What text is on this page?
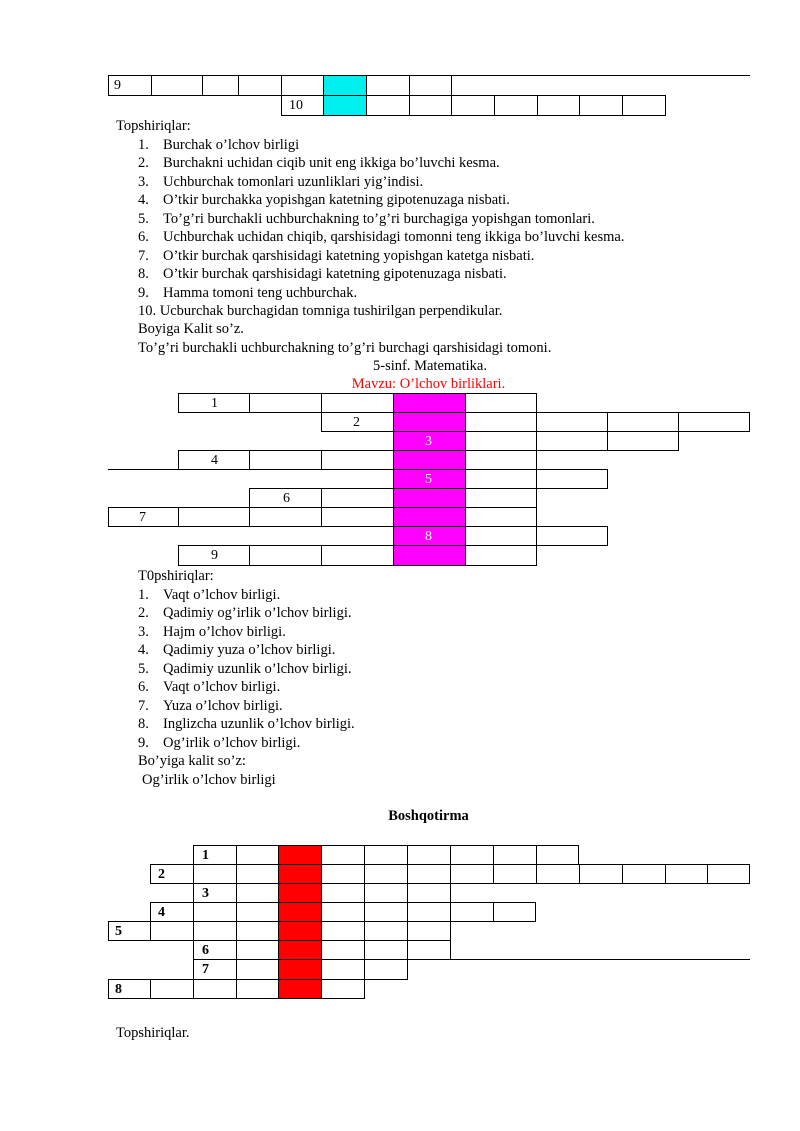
9
10
Topshiriqlar:
1. Burchak o’lchov birligi
2. Burchakni uchidan ciqib unit eng ikkiga bo’luvchi kesma.
3. Uchburchak tomonlari uzunliklari yig’indisi.
4. O’tkir burchakka yopishgan katetning gipotenuzaga nisbati.
5. To’g’ri burchakli uchburchakning to’g’ri burchagiga yopishgan tomonlari.
6. Uchburchak uchidan chiqib, qarshisidagi tomonni teng ikkiga bo’luvchi kesma.
7. O’tkir burchak qarshisidagi katetning yopishgan katetga nisbati.
8. O’tkir burchak qarshisidagi katetning gipotenuzaga nisbati.
9. Hamma tomoni teng uchburchak.
10. Ucburchak burchagidan tomniga tushirilgan perpendikular.
Boyiga Kalit so’z.
To’g’ri burchakli uchburchakning to’g’ri burchagi qarshisidagi tomoni.
5-sinf. Matematika.
Mavzu: O’lchov birliklari.
1
2
3
4
5
6
7
8
9
T0pshiriqlar:
1. Vaqt o’lchov birligi.
2. Qadimiy og’irlik o’lchov birligi.
3. Hajm o’lchov birligi.
4. Qadimiy yuza o’lchov birligi.
5. Qadimiy uzunlik o’lchov birligi.
6. Vaqt o’lchov birligi.
7. Yuza o’lchov birligi.
8. Inglizcha uzunlik o’lchov birligi.
9. Og’irlik o’lchov birligi.
Bo’yiga kalit so’z:
Og’irlik o’lchov birligi
Boshqotirma
1
2
3
4
5
6
7
8
Topshiriqlar.
